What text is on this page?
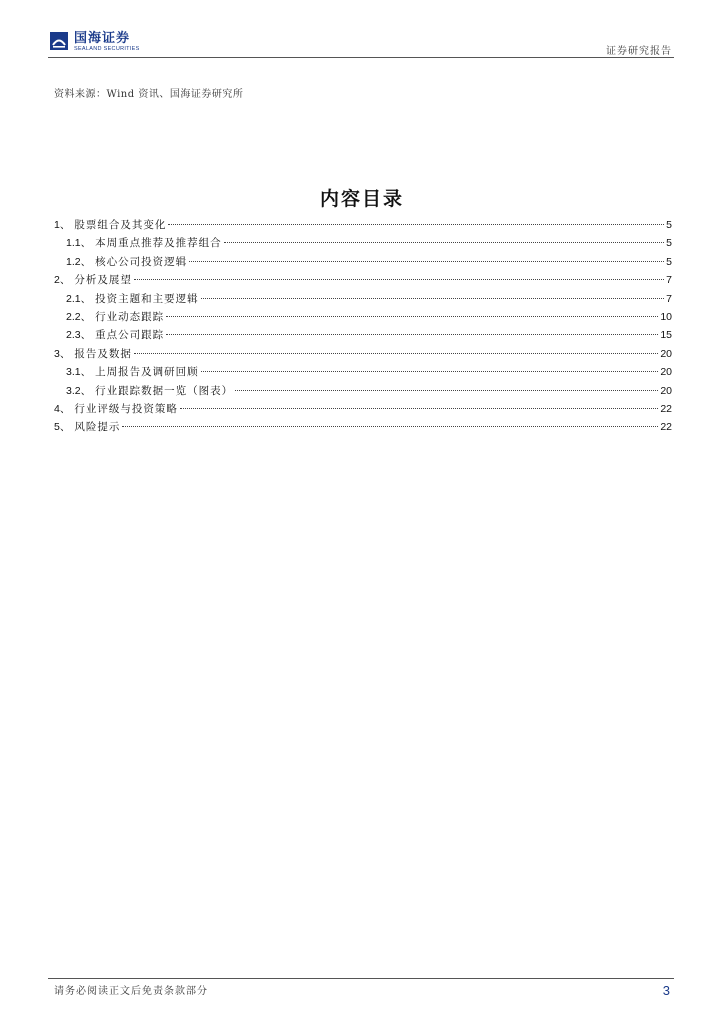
国海证券
SEALAND SECURITIES	证券研究报告
资料来源：Wind 资讯、国海证券研究所
内容目录
1、 股票组合及其变化	5
1.1、 本周重点推荐及推荐组合	5
1.2、 核心公司投资逻辑	5
2、 分析及展望	7
2.1、 投资主题和主要逻辑	7
2.2、 行业动态跟踪	10
2.3、 重点公司跟踪	15
3、 报告及数据	20
3.1、 上周报告及调研回顾	20
3.2、 行业跟踪数据一览（图表）	20
4、 行业评级与投资策略	22
5、 风险提示	22
请务必阅读正文后免责条款部分	3
